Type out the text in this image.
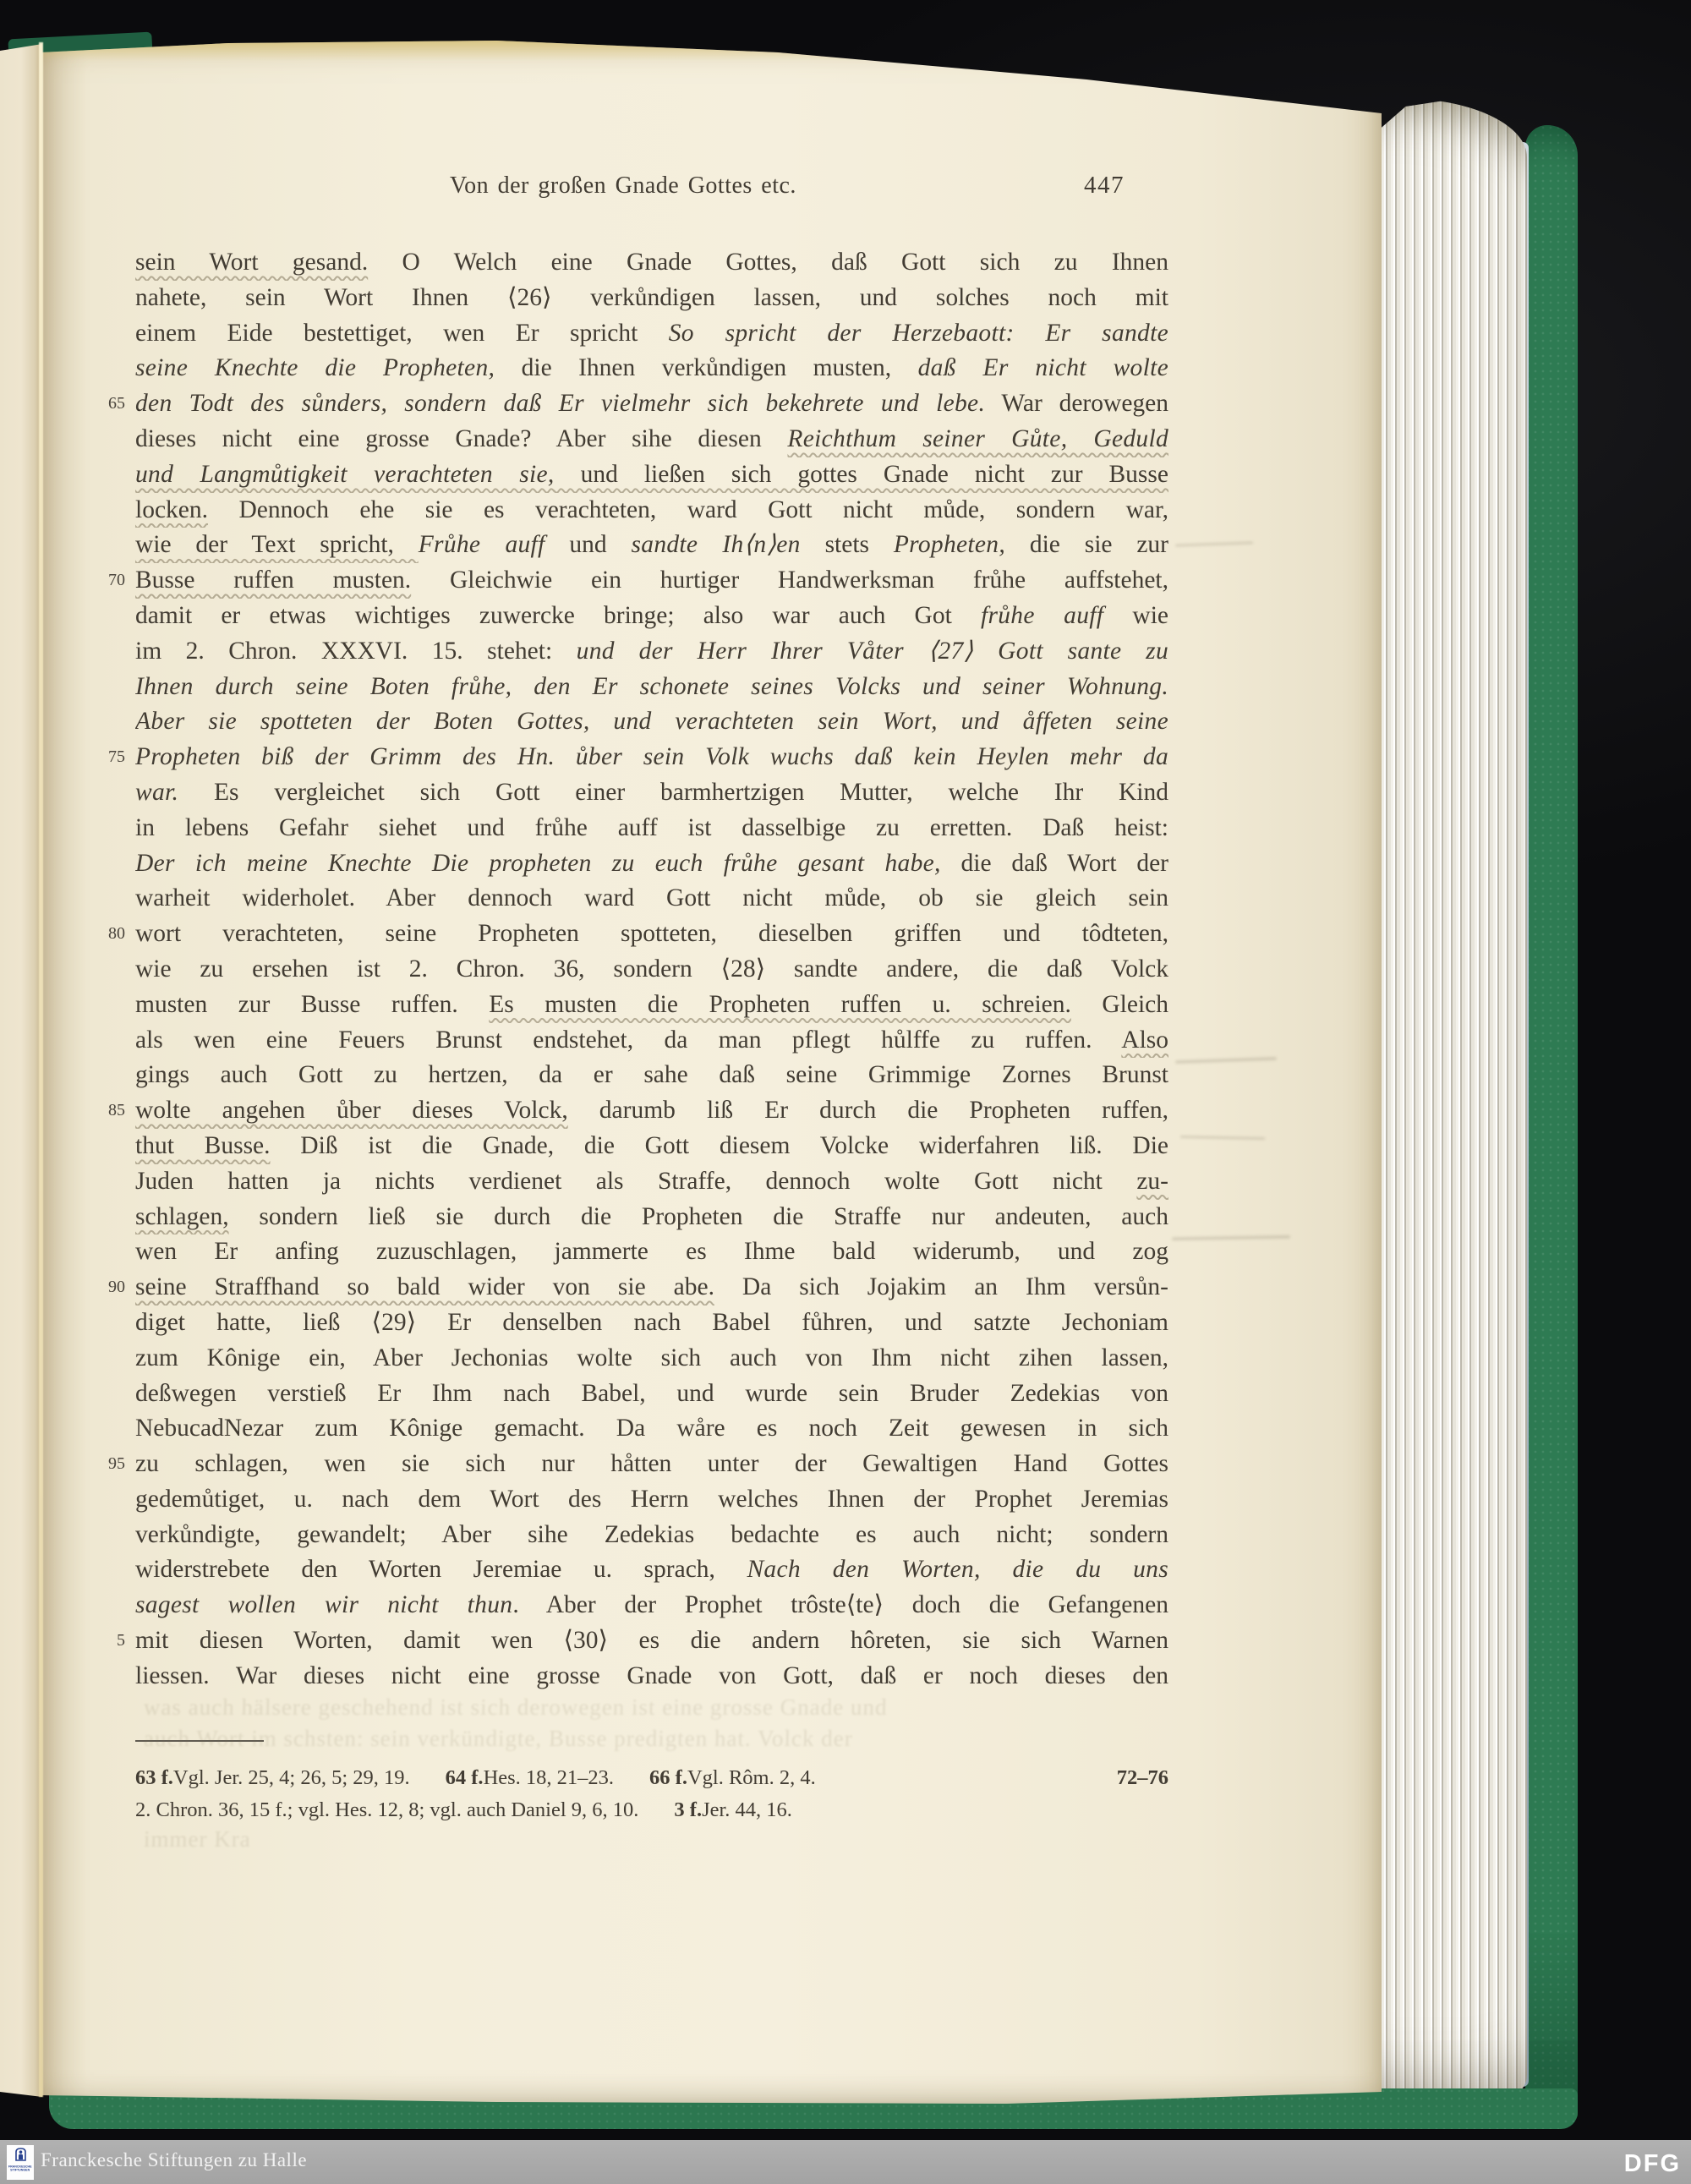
Von der großen Gnade Gottes etc.	447
65
70
75
80
85
90
95
5
sein Wort gesand. O Welch eine Gnade Gottes, daß Gott sich zu Ihnen
nahete, sein Wort Ihnen ⟨26⟩ verkůndigen lassen, und solches noch mit
einem Eide bestettiget, wen Er spricht So spricht der Herzebaott: Er sandte
seine Knechte die Propheten, die Ihnen verkůndigen musten, daß Er nicht wolte
den Todt des sůnders, sondern daß Er vielmehr sich bekehrete und lebe. War derowegen
dieses nicht eine grosse Gnade? Aber sihe diesen Reichthum seiner Gůte, Geduld
und Langmůtigkeit verachteten sie, und ließen sich gottes Gnade nicht zur Busse
locken. Dennoch ehe sie es verachteten, ward Gott nicht můde, sondern war,
wie der Text spricht, Frůhe auff und sandte Ih⟨n⟩en stets Propheten, die sie zur
Busse ruffen musten. Gleichwie ein hurtiger Handwerksman frůhe auffstehet,
damit er etwas wichtiges zuwercke bringe; also war auch Got frůhe auff wie
im 2. Chron. XXXVI. 15. stehet: und der Herr Ihrer Våter ⟨27⟩ Gott sante zu
Ihnen durch seine Boten frůhe, den Er schonete seines Volcks und seiner Wohnung.
Aber sie spotteten der Boten Gottes, und verachteten sein Wort, und åffeten seine
Propheten biß der Grimm des Hn. ůber sein Volk wuchs daß kein Heylen mehr da
war. Es vergleichet sich Gott einer barmhertzigen Mutter, welche Ihr Kind
in lebens Gefahr siehet und frůhe auff ist dasselbige zu erretten. Daß heist:
Der ich meine Knechte Die propheten zu euch frůhe gesant habe, die daß Wort der
warheit widerholet. Aber dennoch ward Gott nicht můde, ob sie gleich sein
wort verachteten, seine Propheten spotteten, dieselben griffen und tôdteten,
wie zu ersehen ist 2. Chron. 36, sondern ⟨28⟩ sandte andere, die daß Volck
musten zur Busse ruffen. Es musten die Propheten ruffen u. schreien. Gleich
als wen eine Feuers Brunst endstehet, da man pflegt hůlffe zu ruffen. Also
gings auch Gott zu hertzen, da er sahe daß seine Grimmige Zornes Brunst
wolte angehen ůber dieses Volck, darumb liß Er durch die Propheten ruffen,
thut Busse. Diß ist die Gnade, die Gott diesem Volcke widerfahren liß. Die
Juden hatten ja nichts verdienet als Straffe, dennoch wolte Gott nicht zu-
schlagen, sondern ließ sie durch die Propheten die Straffe nur andeuten, auch
wen Er anfing zuzuschlagen, jammerte es Ihme bald widerumb, und zog
seine Straffhand so bald wider von sie abe. Da sich Jojakim an Ihm versůn-
diget hatte, ließ ⟨29⟩ Er denselben nach Babel fůhren, und satzte Jechoniam
zum Kônige ein, Aber Jechonias wolte sich auch von Ihm nicht zihen lassen,
deßwegen verstieß Er Ihm nach Babel, und wurde sein Bruder Zedekias von
NebucadNezar zum Kônige gemacht. Da wåre es noch Zeit gewesen in sich
zu schlagen, wen sie sich nur håtten unter der Gewaltigen Hand Gottes
gedemůtiget, u. nach dem Wort des Herrn welches Ihnen der Prophet Jeremias
verkůndigte, gewandelt; Aber sihe Zedekias bedachte es auch nicht; sondern
widerstrebete den Worten Jeremiae u. sprach, Nach den Worten, die du uns
sagest wollen wir nicht thun. Aber der Prophet trôste⟨te⟩ doch die Gefangenen
mit diesen Worten, damit wen ⟨30⟩ es die andern hôreten, sie sich Warnen
liessen. War dieses nicht eine grosse Gnade von Gott, daß er noch dieses den
63 f. Vgl. Jer. 25, 4; 26, 5; 29, 19. 64 f. Hes. 18, 21–23. 66 f. Vgl. Rôm. 2, 4.	72–76
2. Chron. 36, 15 f.; vgl. Hes. 12, 8; vgl. auch Daniel 9, 6, 10. 3 f. Jer. 44, 16.
was auch hälsere geschehend ist sich derowegen ist eine grosse Gnade und
auch Wort im schsten: sein verkündigte, Busse predigten hat. Volck der
immer Kra
FRANCKESCHE
STIFTUNGEN Franckesche Stiftungen zu Halle	DFG
